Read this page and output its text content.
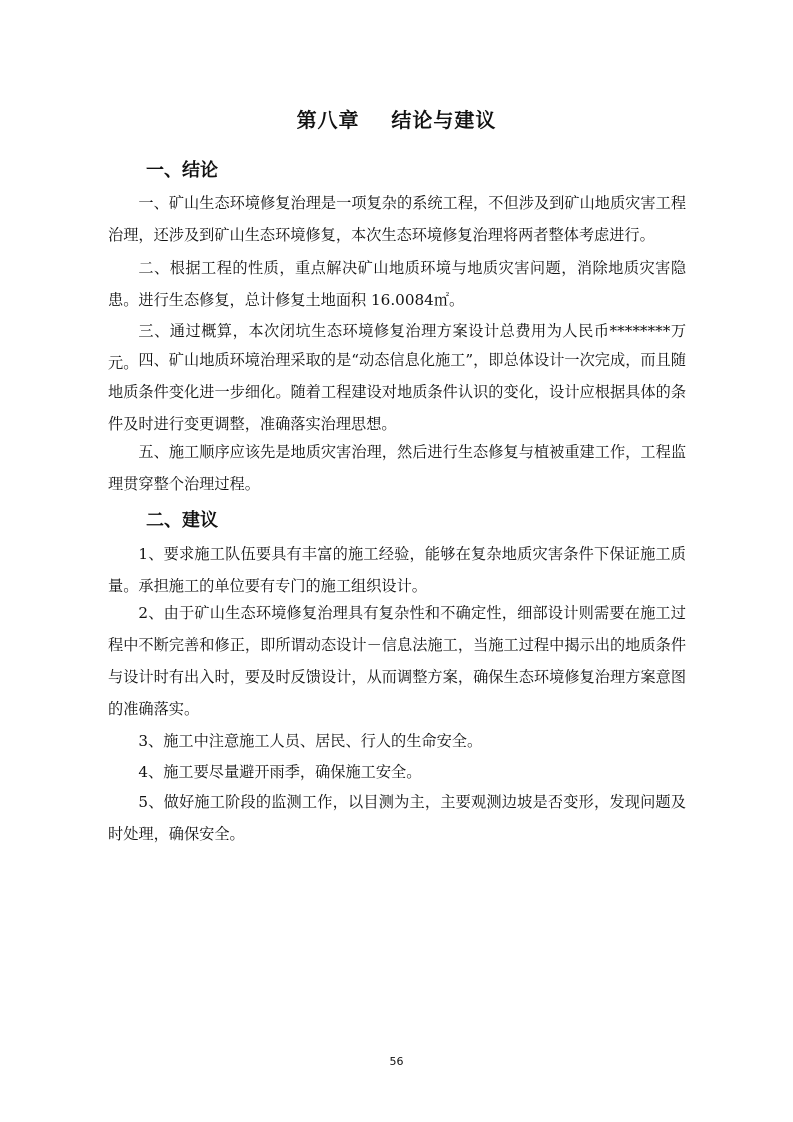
第八章    结论与建议
一、结论
一、矿山生态环境修复治理是一项复杂的系统工程，不但涉及到矿山地质灾害工程治理，还涉及到矿山生态环境修复，本次生态环境修复治理将两者整体考虑进行。
二、根据工程的性质，重点解决矿山地质环境与地质灾害问题，消除地质灾害隐患。进行生态修复，总计修复土地面积 16.0084㎡。
三、通过概算，本次闭坑生态环境修复治理方案设计总费用为人民币********万元。 四、矿山地质环境治理采取的是“动态信息化施工”，即总体设计一次完成，而且随地质条件变化进一步细化。随着工程建设对地质条件认识的变化，设计应根据具体的条件及时进行变更调整，准确落实治理思想。
五、施工顺序应该先是地质灾害治理，然后进行生态修复与植被重建工作，工程监理贯穿整个治理过程。
二、建议
1、要求施工队伍要具有丰富的施工经验，能够在复杂地质灾害条件下保证施工质量。承担施工的单位要有专门的施工组织设计。
2、由于矿山生态环境修复治理具有复杂性和不确定性，细部设计则需要在施工过程中不断完善和修正，即所谓动态设计－信息法施工，当施工过程中揭示出的地质条件与设计时有出入时，要及时反馈设计，从而调整方案，确保生态环境修复治理方案意图的准确落实。
3、施工中注意施工人员、居民、行人的生命安全。
4、施工要尽量避开雨季，确保施工安全。
5、做好施工阶段的监测工作，以目测为主，主要观测边坡是否变形，发现问题及时处理，确保安全。
56
